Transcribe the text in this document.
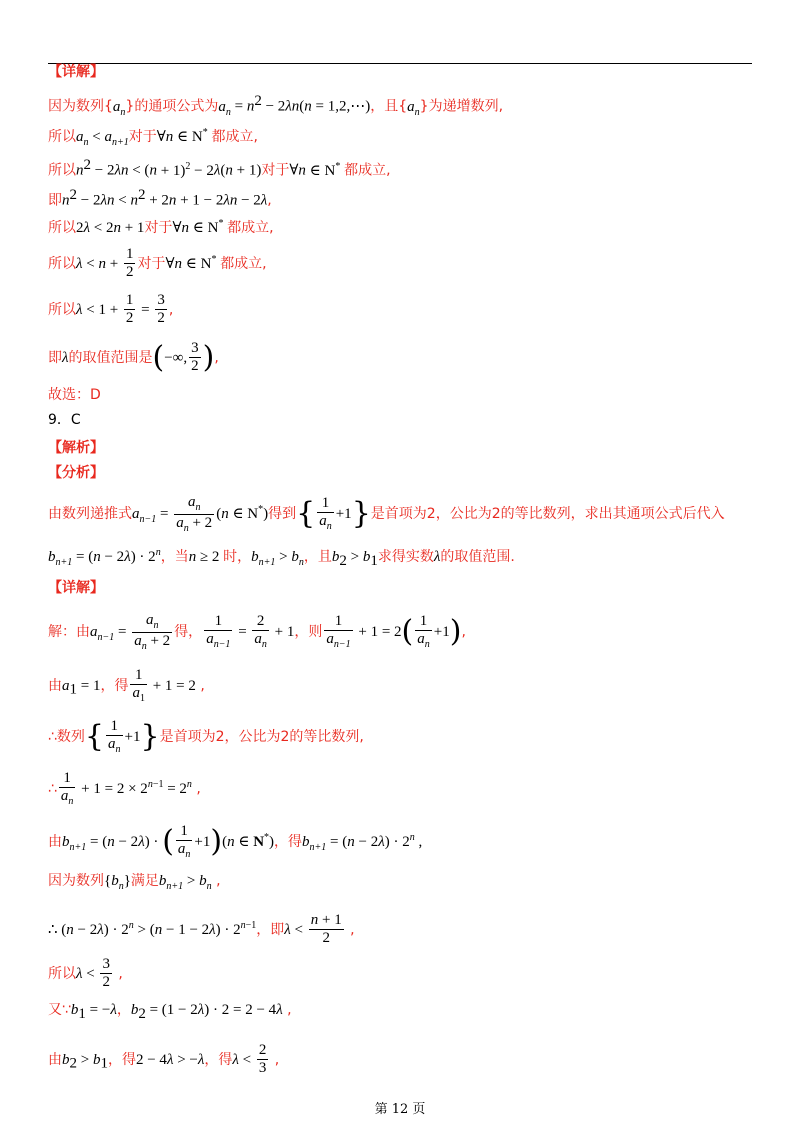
【详解】
因为数列$\{a_n\}$的通项公式为$a_n = n^2 - 2\lambda n(n$ = 1,2,⋯)，且$\{a_n\}$为递增数列,
所以$a_n < a_{n+1}$对于∀n ∈ N* 都成立,
所以$n^2 - 2\lambda n < (n + 1)^2 - 2\lambda(n + 1)$对于∀n ∈ N* 都成立,
即$n^2 - 2\lambda n < n^2 + 2n + 1 - 2\lambda n - 2\lambda$,
所以2λ < 2n + 1对于∀n ∈ N* 都成立,
所以$\lambda < n + \frac{1}{2}$ 对于∀n ∈ N* 都成立,
所以$\lambda < 1 + \frac{1}{2} = \frac{3}{2}$ ,
即λ的取值范围是(−∞, $\frac{3}{2}$ ),
故选：D
9．C
【解析】
【分析】
由数列递推式$a_{n-1} = \frac{a_n}{a_n + 2} (n$ ∈ N*)得到{ $\frac{1}{a_n} +1$}是首项为2，公比为2的等比数列，求出其通项公式后代入
$b_{n+1} = (n - 2\lambda) \cdot 2^n$，当n ≥ 2 时，$b_{n+1} > b_n$，且$b_2 > b_1$求得实数λ的取值范围.
【详解】
解：由$a_{n-1} = \frac{a_n}{a_n + 2}$ 得， $\frac{1}{a_{n-1}} = \frac{2}{a_n} + 1$，则 $\frac{1}{a_{n-1}} + 1 = 2( \frac{1}{a_n} +1)$,
由$a_1 = 1$，得 $\frac{1}{a_1} + 1 = 2$ ,
∴数列{ $\frac{1}{a_n} +1$}是首项为2，公比为2的等比数列,
∴ $\frac{1}{a_n} + 1 = 2 \times 2^{n-1} = 2^n$ ,
由$b_{n+1} = (n - 2\lambda)$ · ( $\frac{1}{a_n} +1)(n$ ∈ N*)，得$b_{n+1} = (n - 2\lambda) \cdot 2^n$ ,
因为数列$\{b_n\}$满足$b_{n+1} > b_n$ ,
∴ $(n - 2\lambda) \cdot 2^n > (n - 1 - 2\lambda) \cdot 2^{n-1}$，即$\lambda < \frac{n + 1}{2}$ ,
所以$\lambda < \frac{3}{2}$ ,
又$\because b_1 = -\lambda$，$b_2 = (1 - 2\lambda) \cdot 2 = 2 - 4\lambda$ ,
由$b_2 > b_1$，得2 − 4λ > −λ，得$\lambda < \frac{2}{3}$ ,
第 12 页
